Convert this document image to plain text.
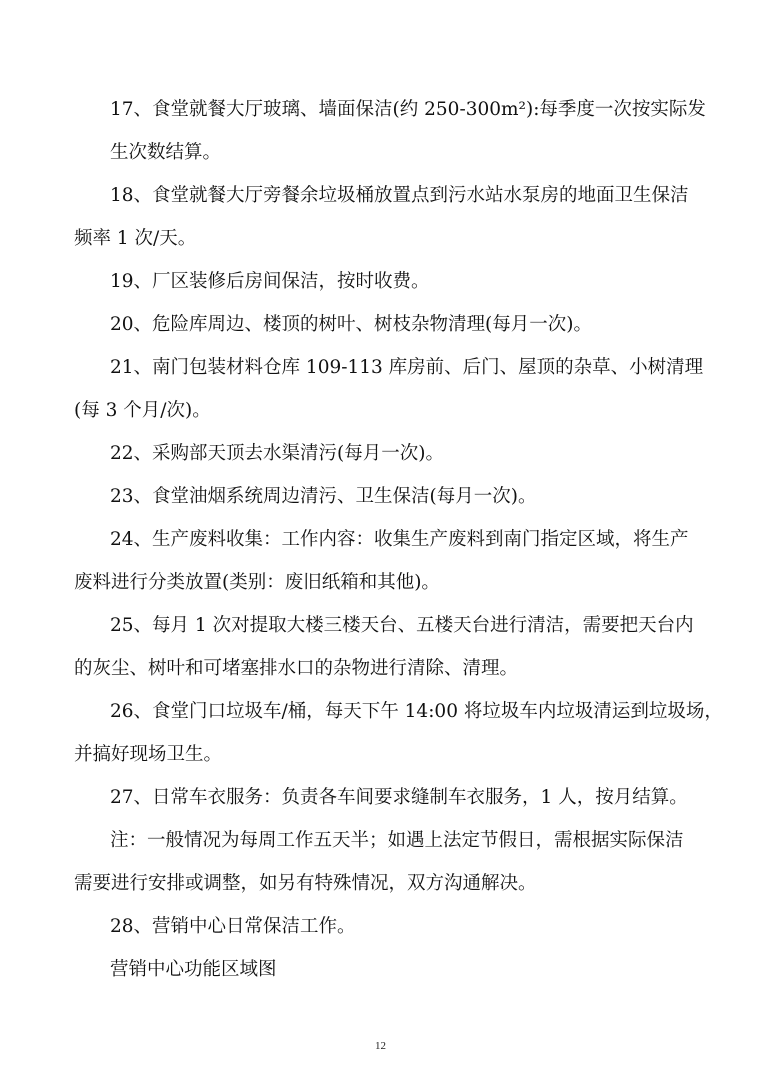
17、食堂就餐大厅玻璃、墙面保洁(约 250-300m²):每季度一次按实际发
生次数结算。

18、食堂就餐大厅旁餐余垃圾桶放置点到污水站水泵房的地面卫生保洁
频率 1 次/天。

19、厂区装修后房间保洁，按时收费。

20、危险库周边、楼顶的树叶、树枝杂物清理(每月一次)。

21、南门包装材料仓库 109-113 库房前、后门、屋顶的杂草、小树清理
(每 3 个月/次)。

22、采购部天顶去水渠清污(每月一次)。

23、食堂油烟系统周边清污、卫生保洁(每月一次)。

24、生产废料收集：工作内容：收集生产废料到南门指定区域，将生产
废料进行分类放置(类别：废旧纸箱和其他)。

25、每月 1 次对提取大楼三楼天台、五楼天台进行清洁，需要把天台内
的灰尘、树叶和可堵塞排水口的杂物进行清除、清理。

26、食堂门口垃圾车/桶，每天下午 14:00 将垃圾车内垃圾清运到垃圾场，
并搞好现场卫生。

27、日常车衣服务：负责各车间要求缝制车衣服务，1 人，按月结算。

注：一般情况为每周工作五天半；如遇上法定节假日，需根据实际保洁
需要进行安排或调整，如另有特殊情况，双方沟通解决。

28、营销中心日常保洁工作。

营销中心功能区域图

12
